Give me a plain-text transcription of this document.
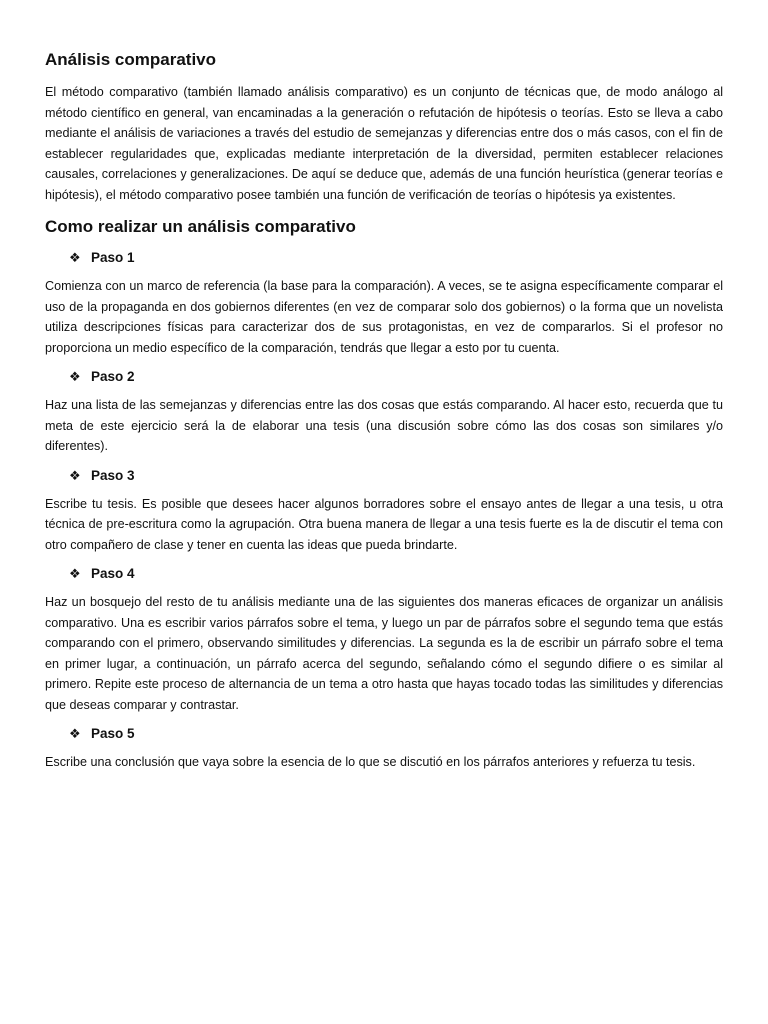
Análisis comparativo

El método comparativo (también llamado análisis comparativo) es un conjunto de técnicas que, de modo análogo al método científico en general, van encaminadas a la generación o refutación de hipótesis o teorías. Esto se lleva a cabo mediante el análisis de variaciones a través del estudio de semejanzas y diferencias entre dos o más casos, con el fin de establecer regularidades que, explicadas mediante interpretación de la diversidad, permiten establecer relaciones causales, correlaciones y generalizaciones. De aquí se deduce que, además de una función heurística (generar teorías e hipótesis), el método comparativo posee también una función de verificación de teorías o hipótesis ya existentes.

Como realizar un análisis comparativo
❖ Paso 1

Comienza con un marco de referencia (la base para la comparación). A veces, se te asigna específicamente comparar el uso de la propaganda en dos gobiernos diferentes (en vez de comparar solo dos gobiernos) o la forma que un novelista utiliza descripciones físicas para caracterizar dos de sus protagonistas, en vez de compararlos. Si el profesor no proporciona un medio específico de la comparación, tendrás que llegar a esto por tu cuenta.

❖ Paso 2

Haz una lista de las semejanzas y diferencias entre las dos cosas que estás comparando. Al hacer esto, recuerda que tu meta de este ejercicio será la de elaborar una tesis (una discusión sobre cómo las dos cosas son similares y/o diferentes).

❖ Paso 3

Escribe tu tesis. Es posible que desees hacer algunos borradores sobre el ensayo antes de llegar a una tesis, u otra técnica de pre-escritura como la agrupación. Otra buena manera de llegar a una tesis fuerte es la de discutir el tema con otro compañero de clase y tener en cuenta las ideas que pueda brindarte.

❖ Paso 4

Haz un bosquejo del resto de tu análisis mediante una de las siguientes dos maneras eficaces de organizar un análisis comparativo. Una es escribir varios párrafos sobre el tema, y luego un par de párrafos sobre el segundo tema que estás comparando con el primero, observando similitudes y diferencias. La segunda es la de escribir un párrafo sobre el tema en primer lugar, a continuación, un párrafo acerca del segundo, señalando cómo el segundo difiere o es similar al primero. Repite este proceso de alternancia de un tema a otro hasta que hayas tocado todas las similitudes y diferencias que deseas comparar y contrastar.

❖ Paso 5

Escribe una conclusión que vaya sobre la esencia de lo que se discutió en los párrafos anteriores y refuerza tu tesis.
